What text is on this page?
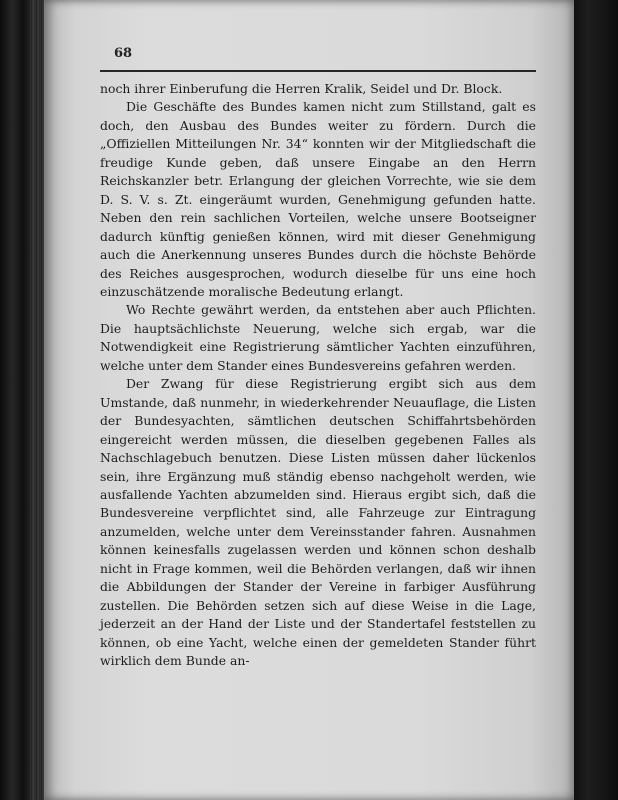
68

noch ihrer Einberufung die Herren Kralik, Seidel und Dr. Block.

Die Geschäfte des Bundes kamen nicht zum Stillstand, galt es doch, den Ausbau des Bundes weiter zu fördern. Durch die „Offiziellen Mitteilungen Nr. 34“ konnten wir der Mitgliedschaft die freudige Kunde geben, daß unsere Eingabe an den Herrn Reichskanzler betr. Erlangung der gleichen Vorrechte, wie sie dem D. S. V. s. Zt. eingeräumt wurden, Genehmigung gefunden hatte. Neben den rein sachlichen Vorteilen, welche unsere Bootseigner dadurch künftig genießen können, wird mit dieser Genehmigung auch die Anerkennung unseres Bundes durch die höchste Behörde des Reiches ausgesprochen, wodurch dieselbe für uns eine hoch einzuschätzende moralische Bedeutung erlangt.

Wo Rechte gewährt werden, da entstehen aber auch Pflichten. Die hauptsächlichste Neuerung, welche sich ergab, war die Notwendigkeit eine Registrierung sämtlicher Yachten einzuführen, welche unter dem Stander eines Bundesvereins gefahren werden.

Der Zwang für diese Registrierung ergibt sich aus dem Umstande, daß nunmehr, in wiederkehrender Neuauflage, die Listen der Bundesyachten, sämtlichen deutschen Schiffahrtsbehörden eingereicht werden müssen, die dieselben gegebenen Falles als Nachschlagebuch benutzen. Diese Listen müssen daher lückenlos sein, ihre Ergänzung muß ständig ebenso nachgeholt werden, wie ausfallende Yachten abzumelden sind. Hieraus ergibt sich, daß die Bundesvereine verpflichtet sind, alle Fahrzeuge zur Eintragung anzumelden, welche unter dem Vereinsstander fahren. Ausnahmen können keinesfalls zugelassen werden und können schon deshalb nicht in Frage kommen, weil die Behörden verlangen, daß wir ihnen die Abbildungen der Stander der Vereine in farbiger Ausführung zustellen. Die Behörden setzen sich auf diese Weise in die Lage, jederzeit an der Hand der Liste und der Standertafel feststellen zu können, ob eine Yacht, welche einen der gemeldeten Stander führt wirklich dem Bunde an-
